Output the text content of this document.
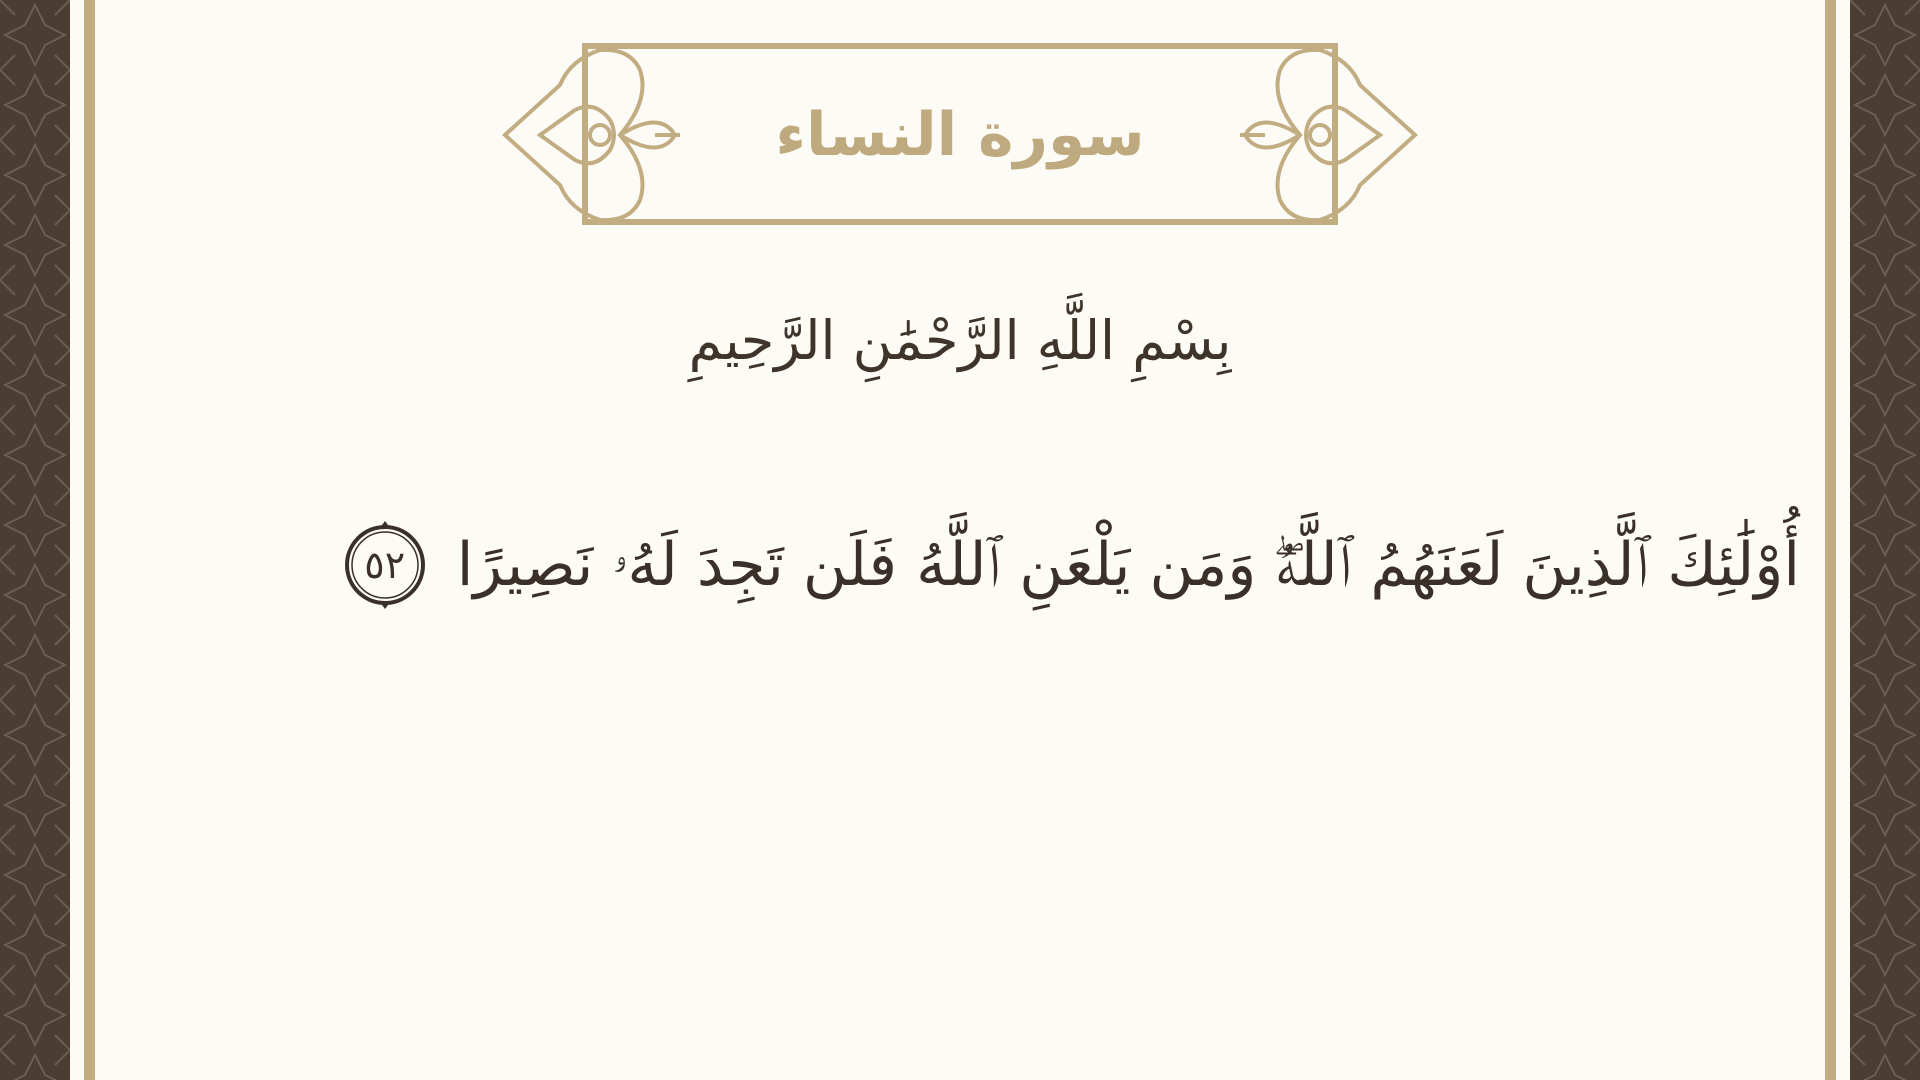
سورة النساء
بِسْمِ اللَّهِ الرَّحْمَٰنِ الرَّحِيمِ
أُوْلَٰئِكَ ٱلَّذِينَ لَعَنَهُمُ ٱللَّهُۖ وَمَن يَلْعَنِ ٱللَّهُ فَلَن تَجِدَ لَهُۥ نَصِيرًا
٥٢
